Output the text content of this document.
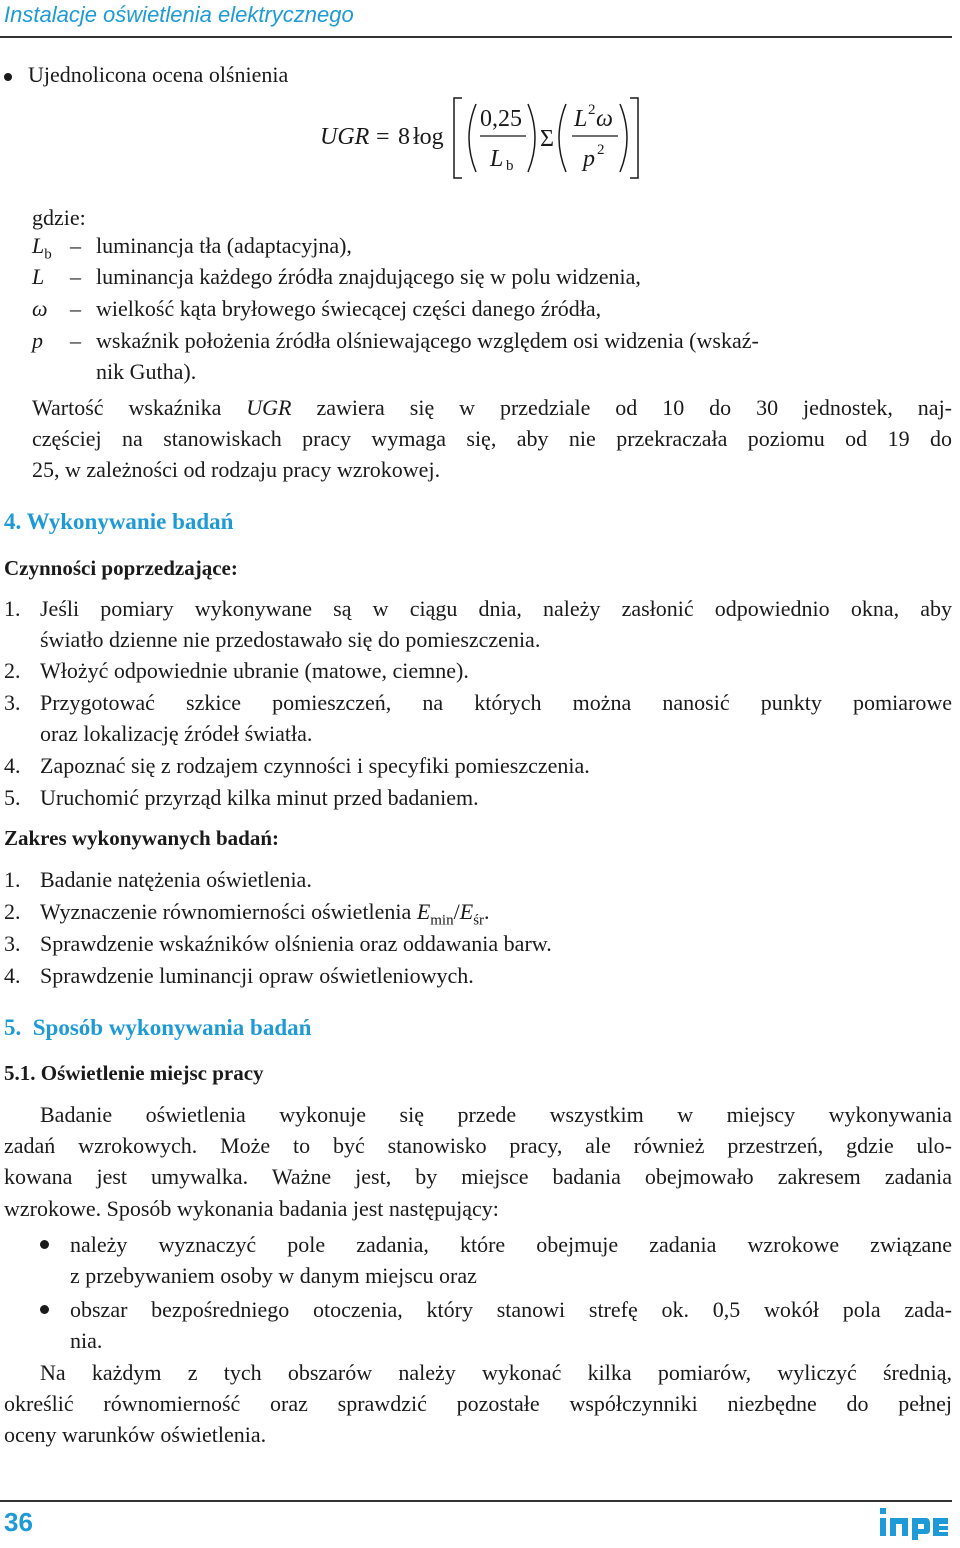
Instalacje oświetlenia elektrycznego
Ujednolicona ocena olśnienia
UGR = 8 łog
0,25
L b
Σ
L 2 ω
p 2
gdzie:
$L_b$ – luminancja tła (adaptacyjna),
L – luminancja każdego źródła znajdującego się w polu widzenia,
ω – wielkość kąta bryłowego świecącej części danego źródła,
p – wskaźnik położenia źródła olśniewającego względem osi widzenia (wskaź-
nik Gutha).
Wartość wskaźnika UGR zawiera się w przedziale od 10 do 30 jednostek, naj-
częściej na stanowiskach pracy wymaga się, aby nie przekraczała poziomu od 19 do
25, w zależności od rodzaju pracy wzrokowej.
4. Wykonywanie badań
Czynności poprzedzające:
1. Jeśli pomiary wykonywane są w ciągu dnia, należy zasłonić odpowiednio okna, aby
światło dzienne nie przedostawało się do pomieszczenia.
2. Włożyć odpowiednie ubranie (matowe, ciemne).
3. Przygotować szkice pomieszczeń, na których można nanosić punkty pomiarowe
oraz lokalizację źródeł światła.
4. Zapoznać się z rodzajem czynności i specyfiki pomieszczenia.
5. Uruchomić przyrząd kilka minut przed badaniem.
Zakres wykonywanych badań:
1. Badanie natężenia oświetlenia.
2. Wyznaczenie równomierności oświetlenia $E_{min}/E_{śr}$.
3. Sprawdzenie wskaźników olśnienia oraz oddawania barw.
4. Sprawdzenie luminancji opraw oświetleniowych.
5. Sposób wykonywania badań
5.1. Oświetlenie miejsc pracy
Badanie oświetlenia wykonuje się przede wszystkim w miejscy wykonywania
zadań wzrokowych. Może to być stanowisko pracy, ale również przestrzeń, gdzie ulo-
kowana jest umywalka. Ważne jest, by miejsce badania obejmowało zakresem zadania
wzrokowe. Sposób wykonania badania jest następujący:
należy wyznaczyć pole zadania, które obejmuje zadania wzrokowe związane
z przebywaniem osoby w danym miejscu oraz
obszar bezpośredniego otoczenia, który stanowi strefę ok. 0,5 wokół pola zada-
nia.
Na każdym z tych obszarów należy wykonać kilka pomiarów, wyliczyć średnią,
określić równomierność oraz sprawdzić pozostałe współczynniki niezbędne do pełnej
oceny warunków oświetlenia.
36
impe
